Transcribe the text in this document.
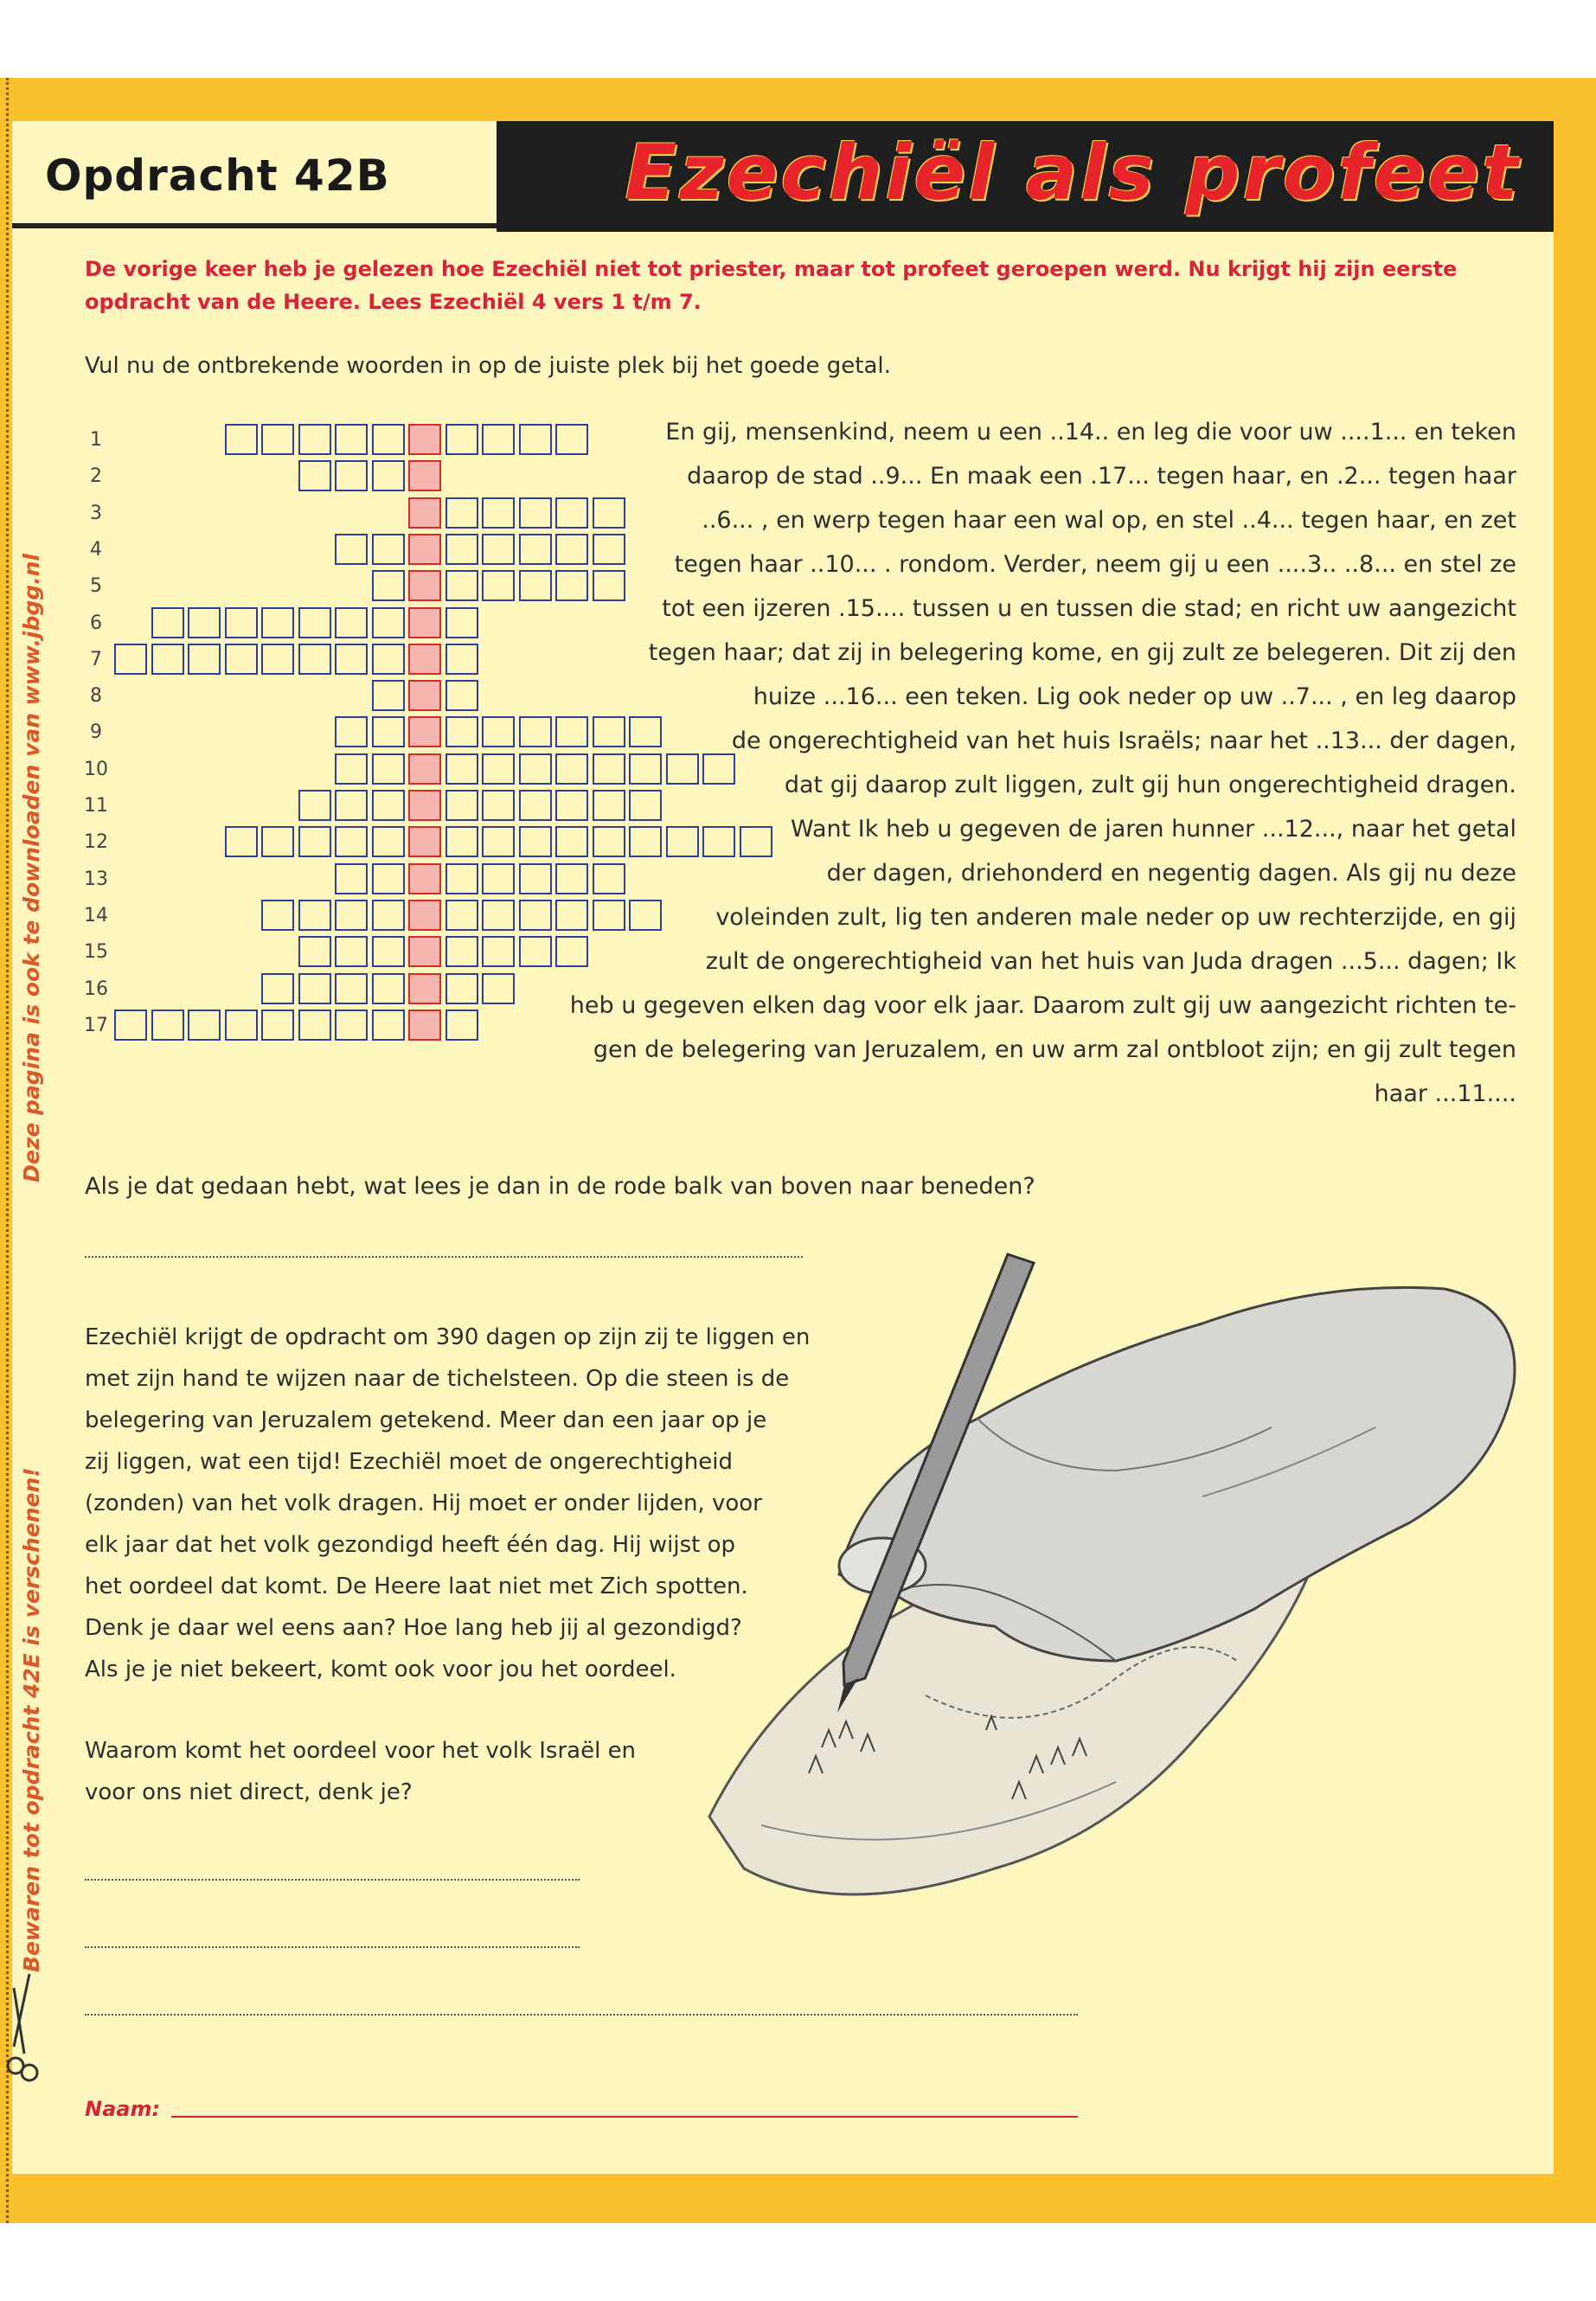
Bewaren tot opdracht 42E is verschenen!
Deze pagina is ook te downloaden van www.jbgg.nl
Opdracht 42B	Ezechiël als profeet
De vorige keer heb je gelezen hoe Ezechiël niet tot priester, maar tot profeet geroepen werd. Nu krijgt hij zijn eerste opdracht van de Heere. Lees Ezechiël 4 vers 1 t/m 7.
Vul nu de ontbrekende woorden in op de juiste plek bij het goede getal.
1
2
3
4
5
6
7
8
9
10
11
12
13
14
15
16
17
En gij, mensenkind, neem u een ..14.. en leg die voor uw ....1... en teken
daarop de stad ..9... En maak een .17... tegen haar, en .2... tegen haar
..6... , en werp tegen haar een wal op, en stel ..4... tegen haar, en zet
tegen haar ..10... . rondom. Verder, neem gij u een ....3.. ..8... en stel ze
tot een ijzeren .15.... tussen u en tussen die stad; en richt uw aangezicht
tegen haar; dat zij in belegering kome, en gij zult ze belegeren. Dit zij den
huize ...16... een teken. Lig ook neder op uw ..7... , en leg daarop
de ongerechtigheid van het huis Israëls; naar het ..13... der dagen,
dat gij daarop zult liggen, zult gij hun ongerechtigheid dragen.
Want Ik heb u gegeven de jaren hunner ...12..., naar het getal
der dagen, driehonderd en negentig dagen. Als gij nu deze
voleinden zult, lig ten anderen male neder op uw rechterzijde, en gij
zult de ongerechtigheid van het huis van Juda dragen ...5... dagen; Ik
heb u gegeven elken dag voor elk jaar. Daarom zult gij uw aangezicht richten te-
gen de belegering van Jeruzalem, en uw arm zal ontbloot zijn; en gij zult tegen
haar ...11....
Als je dat gedaan hebt, wat lees je dan in de rode balk van boven naar beneden?
Ezechiël krijgt de opdracht om 390 dagen op zijn zij te liggen en
met zijn hand te wijzen naar de tichelsteen. Op die steen is de
belegering van Jeruzalem getekend. Meer dan een jaar op je
zij liggen, wat een tijd! Ezechiël moet de ongerechtigheid
(zonden) van het volk dragen. Hij moet er onder lijden, voor
elk jaar dat het volk gezondigd heeft één dag. Hij wijst op
het oordeel dat komt. De Heere laat niet met Zich spotten.
Denk je daar wel eens aan? Hoe lang heb jij al gezondigd?
Als je je niet bekeert, komt ook voor jou het oordeel.
Waarom komt het oordeel voor het volk Israël en
voor ons niet direct, denk je?
Naam:
